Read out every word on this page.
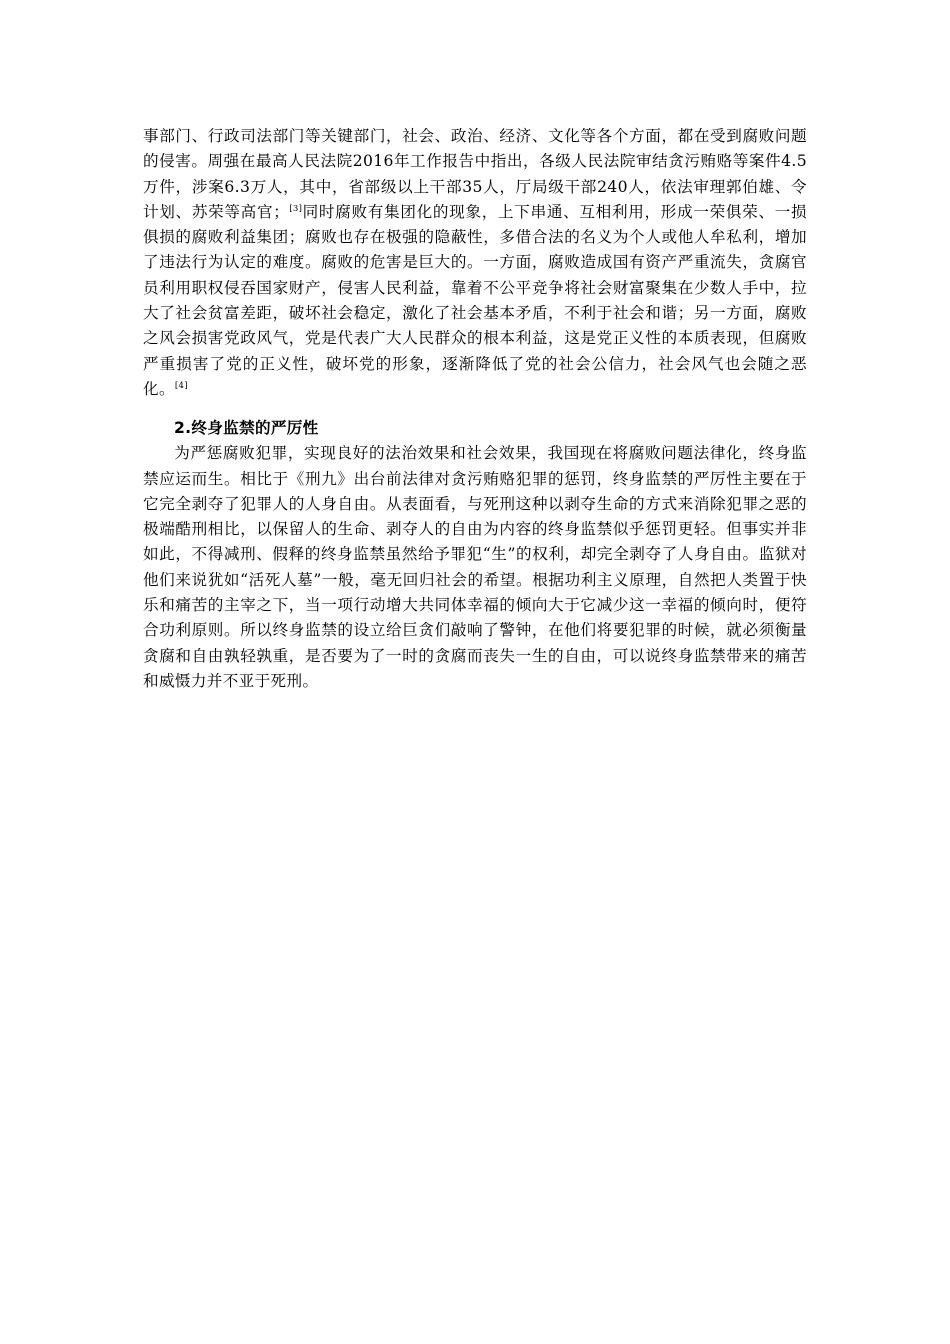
事部门、行政司法部门等关键部门，社会、政治、经济、文化等各个方面，都在受到腐败问题的侵害。周强在最高人民法院2016年工作报告中指出，各级人民法院审结贪污贿赂等案件4.5万件，涉案6.3万人，其中，省部级以上干部35人，厅局级干部240人，依法审理郭伯雄、令计划、苏荣等高官；[3]同时腐败有集团化的现象，上下串通、互相利用，形成一荣俱荣、一损俱损的腐败利益集团；腐败也存在极强的隐蔽性，多借合法的名义为个人或他人牟私利，增加了违法行为认定的难度。腐败的危害是巨大的。一方面，腐败造成国有资产严重流失，贪腐官员利用职权侵吞国家财产，侵害人民利益，靠着不公平竞争将社会财富聚集在少数人手中，拉大了社会贫富差距，破坏社会稳定，激化了社会基本矛盾，不利于社会和谐；另一方面，腐败之风会损害党政风气，党是代表广大人民群众的根本利益，这是党正义性的本质表现，但腐败严重损害了党的正义性，破坏党的形象，逐渐降低了党的社会公信力，社会风气也会随之恶化。[4]

2.终身监禁的严厉性

为严惩腐败犯罪，实现良好的法治效果和社会效果，我国现在将腐败问题法律化，终身监禁应运而生。相比于《刑九》出台前法律对贪污贿赂犯罪的惩罚，终身监禁的严厉性主要在于它完全剥夺了犯罪人的人身自由。从表面看，与死刑这种以剥夺生命的方式来消除犯罪之恶的极端酷刑相比，以保留人的生命、剥夺人的自由为内容的终身监禁似乎惩罚更轻。但事实并非如此，不得减刑、假释的终身监禁虽然给予罪犯“生”的权利，却完全剥夺了人身自由。监狱对他们来说犹如“活死人墓”一般，毫无回归社会的希望。根据功利主义原理，自然把人类置于快乐和痛苦的主宰之下，当一项行动增大共同体幸福的倾向大于它减少这一幸福的倾向时，便符合功利原则。所以终身监禁的设立给巨贪们敲响了警钟，在他们将要犯罪的时候，就必须衡量贪腐和自由孰轻孰重，是否要为了一时的贪腐而丧失一生的自由，可以说终身监禁带来的痛苦和威慑力并不亚于死刑。
